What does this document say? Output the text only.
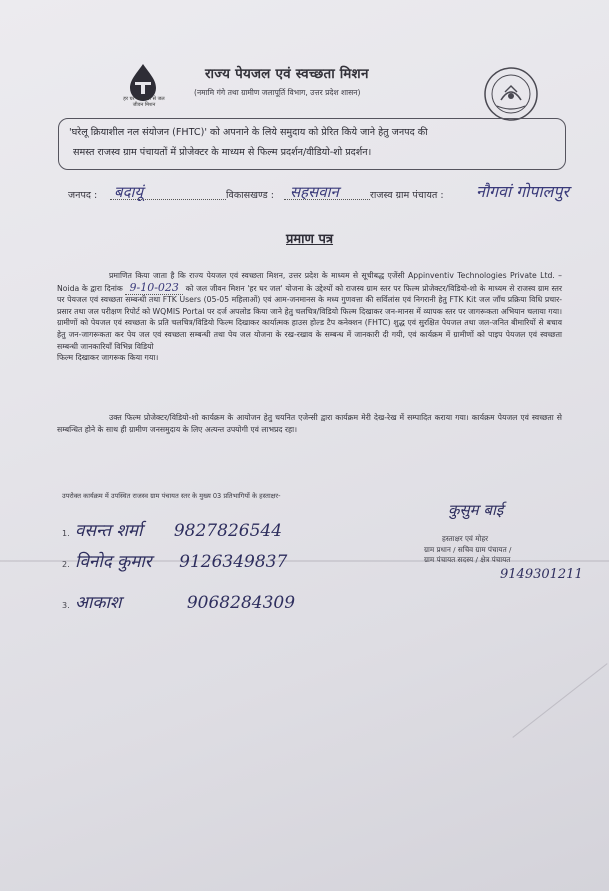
हर घर जल नल से जल जीवन मिशन
राज्य पेयजल एवं स्वच्छता मिशन
(नमामि गंगे तथा ग्रामीण जलापूर्ति विभाग, उत्तर प्रदेश शासन)
'घरेलू क्रियाशील नल संयोजन (FHTC)' को अपनाने के लिये समुदाय को प्रेरित किये जाने हेतु जनपद की
समस्त राजस्व ग्राम पंचायतों में प्रोजेक्टर के माध्यम से फिल्म प्रदर्शन/वीडियो-शो प्रदर्शन।
जनपद : बदायूं	विकासखण्ड : सहसवान	राजस्व ग्राम पंचायत : नौगवां गोपालपुर
प्रमाण पत्र
प्रमाणित किया जाता है कि राज्य पेयजल एवं स्वच्छता मिशन, उत्तर प्रदेश के माध्यम से सूचीबद्ध एजेंसी Appinventiv Technologies Private Ltd. – Noida के द्वारा दिनांक 9-10-023 को जल जीवन मिशन 'हर घर जल' योजना के उद्देश्यों को राजस्व ग्राम स्तर पर फिल्म प्रोजेक्टर/विडियो-शो के माध्यम से राजस्व ग्राम स्तर पर पेयजल एवं स्वच्छता सम्बन्धी तथा FTK Users (05-05 महिलाओं) एवं आम-जनमानस के मध्य गुणवत्ता की सर्विलांस एवं निगरानी हेतु FTK Kit जल जाँच प्रक्रिया विधि प्रचार-प्रसार तथा जल परीक्षण रिपोर्ट को WQMIS Portal पर दर्ज अपलोड किया जाने हेतु चलचित्र/विडियो फिल्म दिखाकर जन-मानस में व्यापक स्तर पर जागरूकता अभियान चलाया गया। ग्रामीणों को पेयजल एवं स्वच्छता के प्रति चलचित्र/विडियो फिल्म दिखाकर कार्यात्मक हाउस होल्ड टैप कनेक्शन (FHTC) शुद्ध एवं सुरक्षित पेयजल तथा जल-जनित बीमारियों से बचाव हेतु जन-जागरूकता कर पेय जल एवं स्वच्छता सम्बन्धी तथा पेय जल योजना के रख-रखाव के सम्बन्ध में जानकारी दी गयी, एवं कार्यक्रम में ग्रामीणों को पाइप पेयजल एवं स्वच्छता सम्बन्धी जानकारियाँ विभिन्न विडियो
फिल्म दिखाकर जागरूक किया गया।
उक्त फिल्म प्रोजेक्टर/विडियो-शो कार्यक्रम के आयोजन हेतु चयनित एजेन्सी द्वारा कार्यक्रम मेरी देख-रेख में सम्पादित कराया गया। कार्यक्रम पेयजल एवं स्वच्छता से सम्बन्धित होने के साथ ही ग्रामीण जनसमुदाय के लिए अत्यन्त उपयोगी एवं लाभप्रद रहा।
उपरोक्त कार्यक्रम में उपस्थित राजस्व ग्राम पंचायत स्तर के मुख्य 03 प्रतिभागियों के हस्ताक्षर-
1. वसन्त शर्मा 9827826544
2. विनोद कुमार 9126349837
3. आकाश	9068284309
कुसुम बाई
हस्ताक्षर एवं मोहर
ग्राम प्रधान / सचिव ग्राम पंचायत /
ग्राम पंचायत सदस्य / क्षेत्र पंचायत
9149301211
